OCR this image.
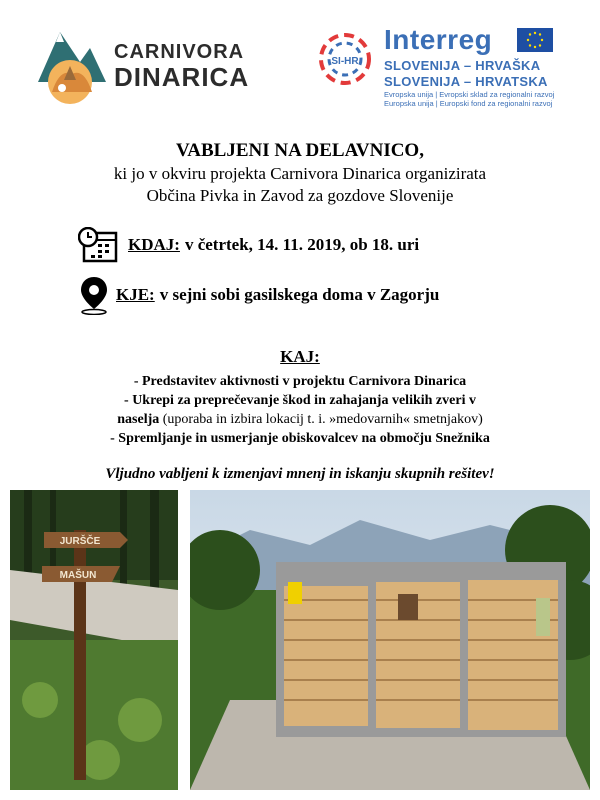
CARNIVORA
DINARICA
SI-HR
Interreg
SLOVENIJA – HRVAŠKA
SLOVENIJA – HRVATSKA
Evropska unija | Evropski sklad za regionalni razvoj
Europska unija | Europski fond za regionalni razvoj
VABLJENI NA DELAVNICO,
ki jo v okviru projekta Carnivora Dinarica organizirata
Občina Pivka in Zavod za gozdove Slovenije
KDAJ: v četrtek, 14. 11. 2019, ob 18. uri
KJE: v sejni sobi gasilskega doma v Zagorju
KAJ:
- Predstavitev aktivnosti v projektu Carnivora Dinarica
- Ukrepi za preprečevanje škod in zahajanja velikih zveri v
naselja (uporaba in izbira lokacij t. i. »medovarnih« smetnjakov)
- Spremljanje in usmerjanje obiskovalcev na območju Snežnika
Vljudno vabljeni k izmenjavi mnenj in iskanju skupnih rešitev!
JURŠČE
MAŠUN
